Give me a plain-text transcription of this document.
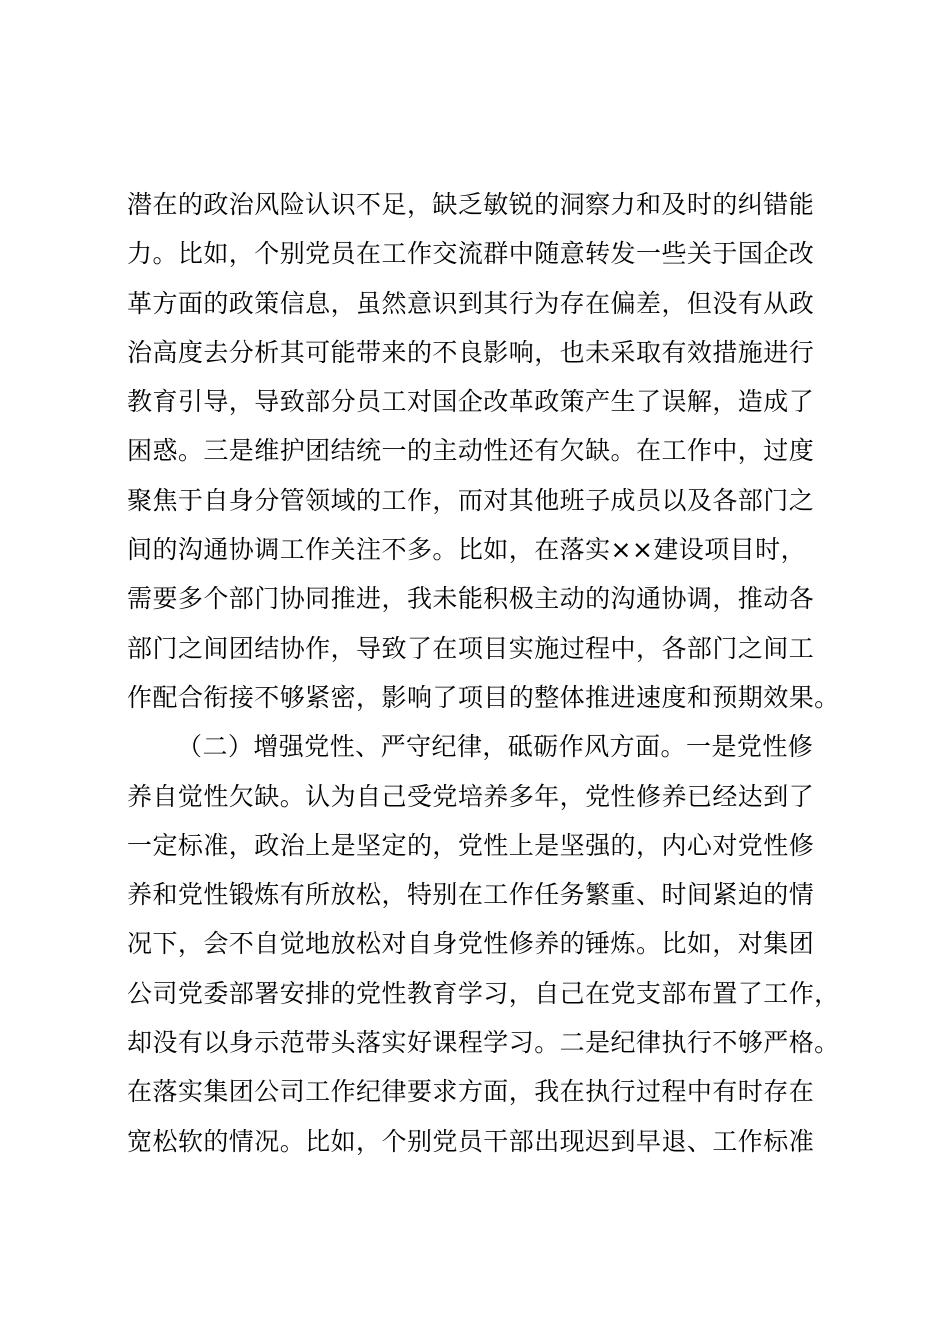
潜在的政治风险认识不足，缺乏敏锐的洞察力和及时的纠错能
力。比如，个别党员在工作交流群中随意转发一些关于国企改
革方面的政策信息，虽然意识到其行为存在偏差，但没有从政
治高度去分析其可能带来的不良影响，也未采取有效措施进行
教育引导，导致部分员工对国企改革政策产生了误解，造成了
困惑。三是维护团结统一的主动性还有欠缺。在工作中，过度
聚焦于自身分管领域的工作，而对其他班子成员以及各部门之
间的沟通协调工作关注不多。比如，在落实××建设项目时，
需要多个部门协同推进，我未能积极主动的沟通协调，推动各
部门之间团结协作，导致了在项目实施过程中，各部门之间工
作配合衔接不够紧密，影响了项目的整体推进速度和预期效果。
（二）增强党性、严守纪律，砥砺作风方面。一是党性修
养自觉性欠缺。认为自己受党培养多年，党性修养已经达到了
一定标准，政治上是坚定的，党性上是坚强的，内心对党性修
养和党性锻炼有所放松，特别在工作任务繁重、时间紧迫的情
况下，会不自觉地放松对自身党性修养的锤炼。比如，对集团
公司党委部署安排的党性教育学习，自己在党支部布置了工作，
却没有以身示范带头落实好课程学习。二是纪律执行不够严格。
在落实集团公司工作纪律要求方面，我在执行过程中有时存在
宽松软的情况。比如，个别党员干部出现迟到早退、工作标准
